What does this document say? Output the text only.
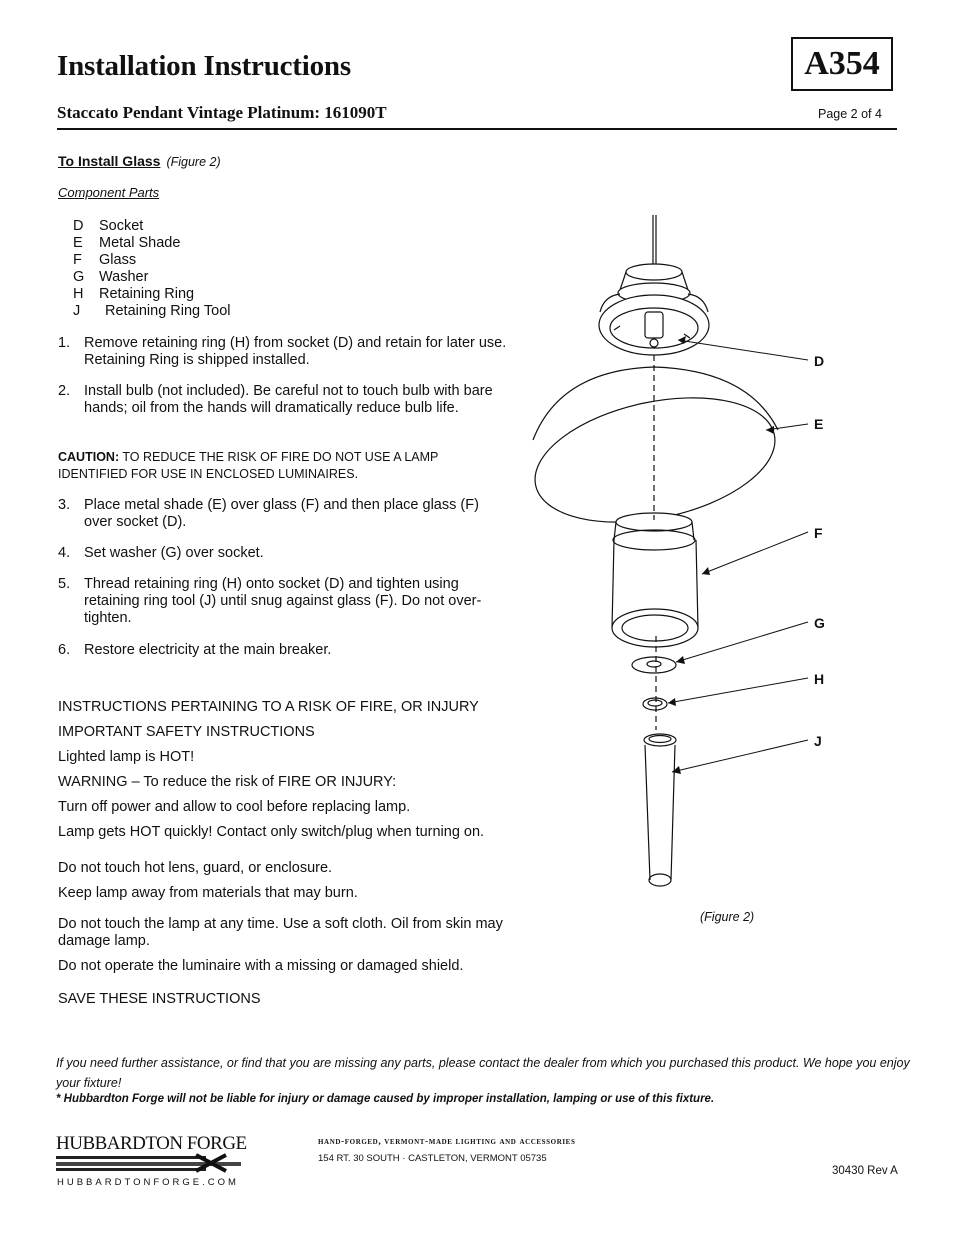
Installation Instructions
Staccato Pendant Vintage Platinum: 161090T
A354
Page 2 of 4
To Install Glass (Figure 2)
Component Parts
D Socket
E Metal Shade
F Glass
G Washer
H Retaining Ring
J Retaining Ring Tool
1. Remove retaining ring (H) from socket (D) and retain for later use. Retaining Ring is shipped installed.
2. Install bulb (not included). Be careful not to touch bulb with bare hands; oil from the hands will dramatically reduce bulb life.
CAUTION: TO REDUCE THE RISK OF FIRE DO NOT USE A LAMP IDENTIFIED FOR USE IN ENCLOSED LUMINAIRES.
3. Place metal shade (E) over glass (F) and then place glass (F) over socket (D).
4. Set washer (G) over socket.
5. Thread retaining ring (H) onto socket (D) and tighten using retaining ring tool (J) until snug against glass (F). Do not over-tighten.
6. Restore electricity at the main breaker.
INSTRUCTIONS PERTAINING TO A RISK OF FIRE, OR INJURY
IMPORTANT SAFETY INSTRUCTIONS
Lighted lamp is HOT!
WARNING – To reduce the risk of FIRE OR INJURY:
Turn off power and allow to cool before replacing lamp.
Lamp gets HOT quickly! Contact only switch/plug when turning on.
Do not touch hot lens, guard, or enclosure.
Keep lamp away from materials that may burn.
Do not touch the lamp at any time. Use a soft cloth. Oil from skin may damage lamp.
Do not operate the luminaire with a missing or damaged shield.
SAVE THESE INSTRUCTIONS
D
E
F
G
H
J
(Figure 2)
If you need further assistance, or find that you are missing any parts, please contact the dealer from which you purchased this product. We hope you enjoy your fixture!
* Hubbardton Forge will not be liable for injury or damage caused by improper installation, lamping or use of this fixture.
HUBBARDTON FORGE
HUBBARDTONFORGE.COM
hand-forged, vermont-made lighting and accessories
154 RT. 30 SOUTH · CASTLETON, VERMONT 05735
30430 Rev A
